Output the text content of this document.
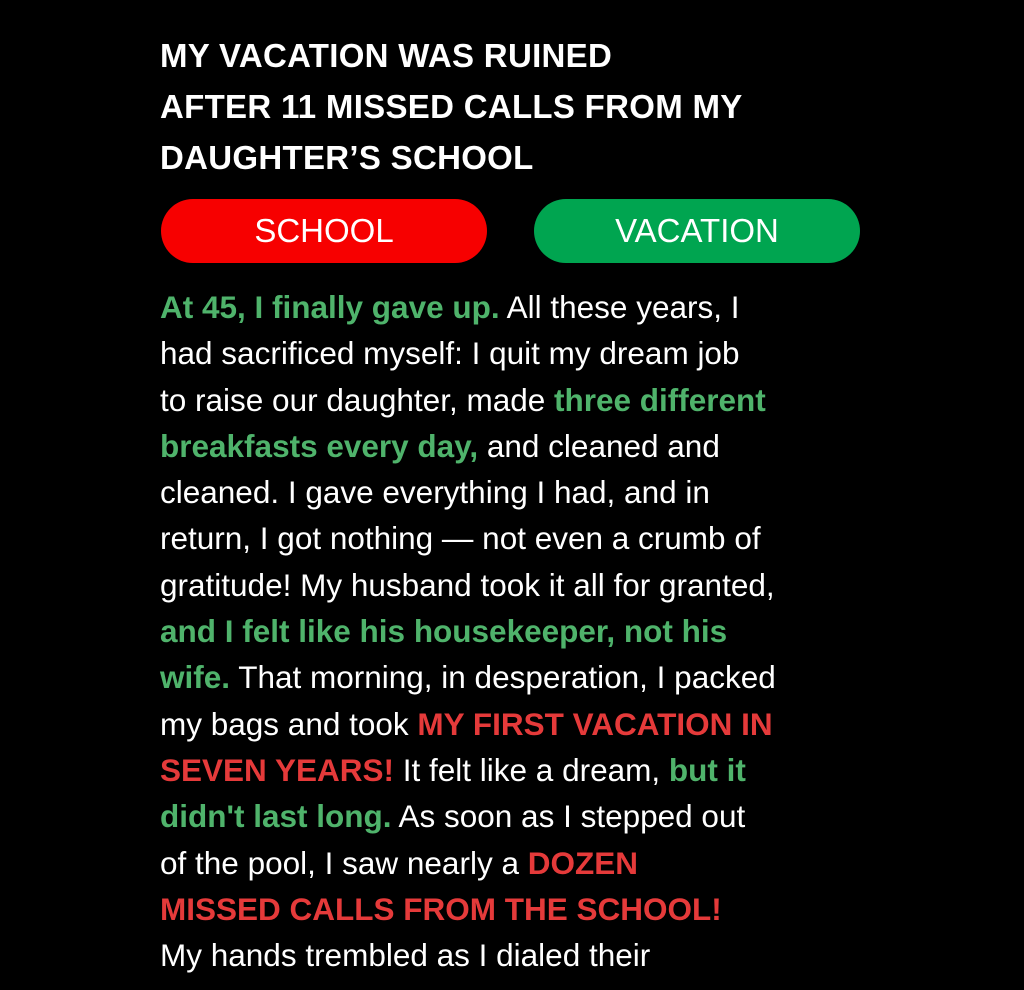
MY VACATION WAS RUINED
AFTER 11 MISSED CALLS FROM MY
DAUGHTER’S SCHOOL
SCHOOL	VACATION

At 45, I finally gave up. All these years, I
had sacrificed myself: I quit my dream job
to raise our daughter, made three different
breakfasts every day, and cleaned and
cleaned. I gave everything I had, and in
return, I got nothing — not even a crumb of
gratitude! My husband took it all for granted,
and I felt like his housekeeper, not his
wife. That morning, in desperation, I packed
my bags and took MY FIRST VACATION IN
SEVEN YEARS! It felt like a dream, but it
didn't last long. As soon as I stepped out
of the pool, I saw nearly a DOZEN
MISSED CALLS FROM THE SCHOOL!
My hands trembled as I dialed their
